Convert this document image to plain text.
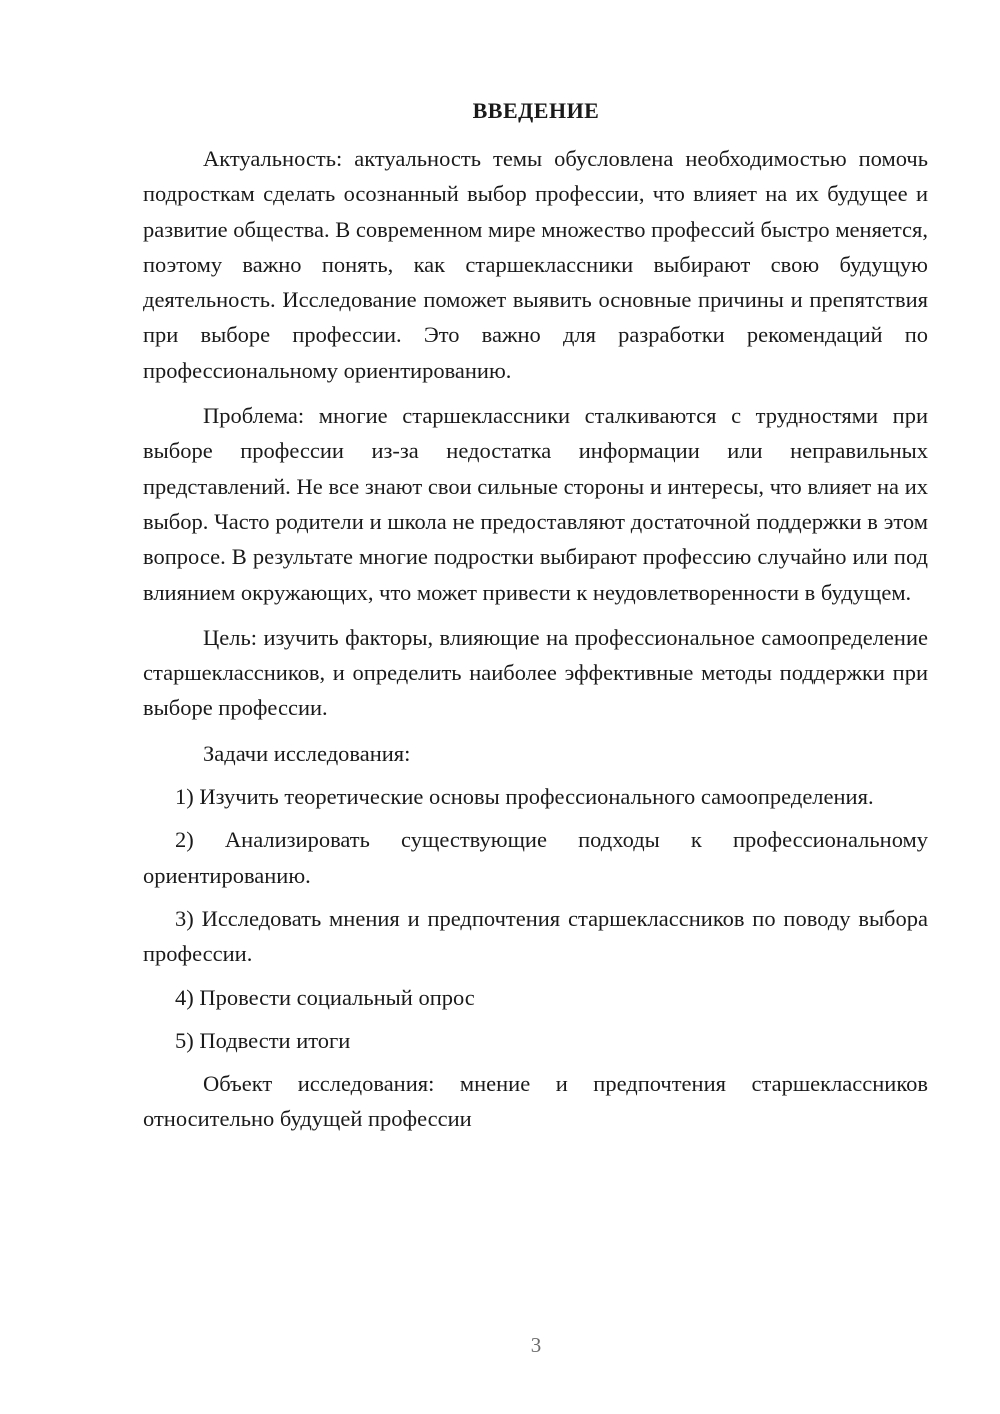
ВВЕДЕНИЕ

Актуальность: актуальность темы обусловлена необходимостью помочь подросткам сделать осознанный выбор профессии, что влияет на их будущее и развитие общества. В современном мире множество профессий быстро меняется, поэтому важно понять, как старшеклассники выбирают свою будущую деятельность. Исследование поможет выявить основные причины и препятствия при выборе профессии. Это важно для разработки рекомендаций по профессиональному ориентированию.

Проблема: многие старшеклассники сталкиваются с трудностями при выборе профессии из-за недостатка информации или неправильных представлений. Не все знают свои сильные стороны и интересы, что влияет на их выбор. Часто родители и школа не предоставляют достаточной поддержки в этом вопросе. В результате многие подростки выбирают профессию случайно или под влиянием окружающих, что может привести к неудовлетворенности в будущем.

Цель: изучить факторы, влияющие на профессиональное самоопределение старшеклассников, и определить наиболее эффективные методы поддержки при выборе профессии.

Задачи исследования:

1) Изучить теоретические основы профессионального самоопределения.

2) Анализировать существующие подходы к профессиональному ориентированию.

3) Исследовать мнения и предпочтения старшеклассников по поводу выбора профессии.

4) Провести социальный опрос

5) Подвести итоги

Объект исследования: мнение и предпочтения старшеклассников относительно будущей профессии

3
